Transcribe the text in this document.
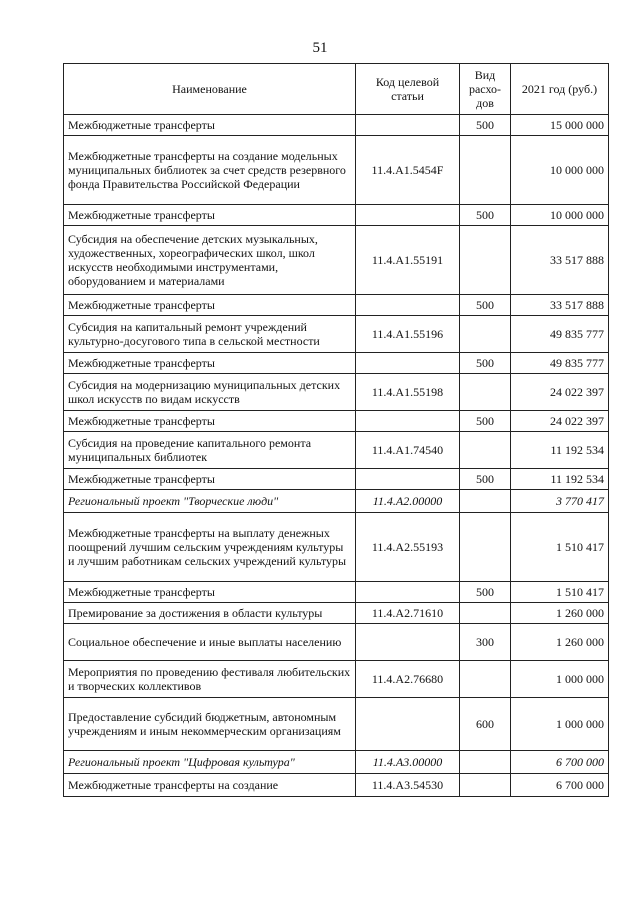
51
Наименование	Код целевой статьи	Вид расхо-дов	2021 год (руб.)
Межбюджетные трансферты		500	15 000 000
Межбюджетные трансферты на создание модельных муниципальных библиотек за счет средств резервного фонда Правительства Российской Федерации	11.4.А1.5454F		10 000 000
Межбюджетные трансферты		500	10 000 000
Субсидия на обеспечение детских музыкальных, художественных, хореографических школ, школ искусств необходимыми инструментами, оборудованием и материалами	11.4.А1.55191		33 517 888
Межбюджетные трансферты		500	33 517 888
Субсидия на капитальный ремонт учреждений культурно-досугового типа в сельской местности	11.4.А1.55196		49 835 777
Межбюджетные трансферты		500	49 835 777
Субсидия на модернизацию муниципальных детских школ искусств по видам искусств	11.4.А1.55198		24 022 397
Межбюджетные трансферты		500	24 022 397
Субсидия на проведение капитального ремонта муниципальных библиотек	11.4.А1.74540		11 192 534
Межбюджетные трансферты		500	11 192 534
Региональный проект "Творческие люди"	11.4.А2.00000		3 770 417
Межбюджетные трансферты на выплату денежных поощрений лучшим сельским учреждениям культуры и лучшим работникам сельских учреждений культуры	11.4.А2.55193		1 510 417
Межбюджетные трансферты		500	1 510 417
Премирование за достижения в области культуры	11.4.А2.71610		1 260 000
Социальное обеспечение и иные выплаты населению		300	1 260 000
Мероприятия по проведению фестиваля любительских и творческих коллективов	11.4.А2.76680		1 000 000
Предоставление субсидий бюджетным, автономным учреждениям и иным некоммерческим организациям		600	1 000 000
Региональный проект "Цифровая культура"	11.4.А3.00000		6 700 000
Межбюджетные трансферты на создание	11.4.А3.54530		6 700 000
